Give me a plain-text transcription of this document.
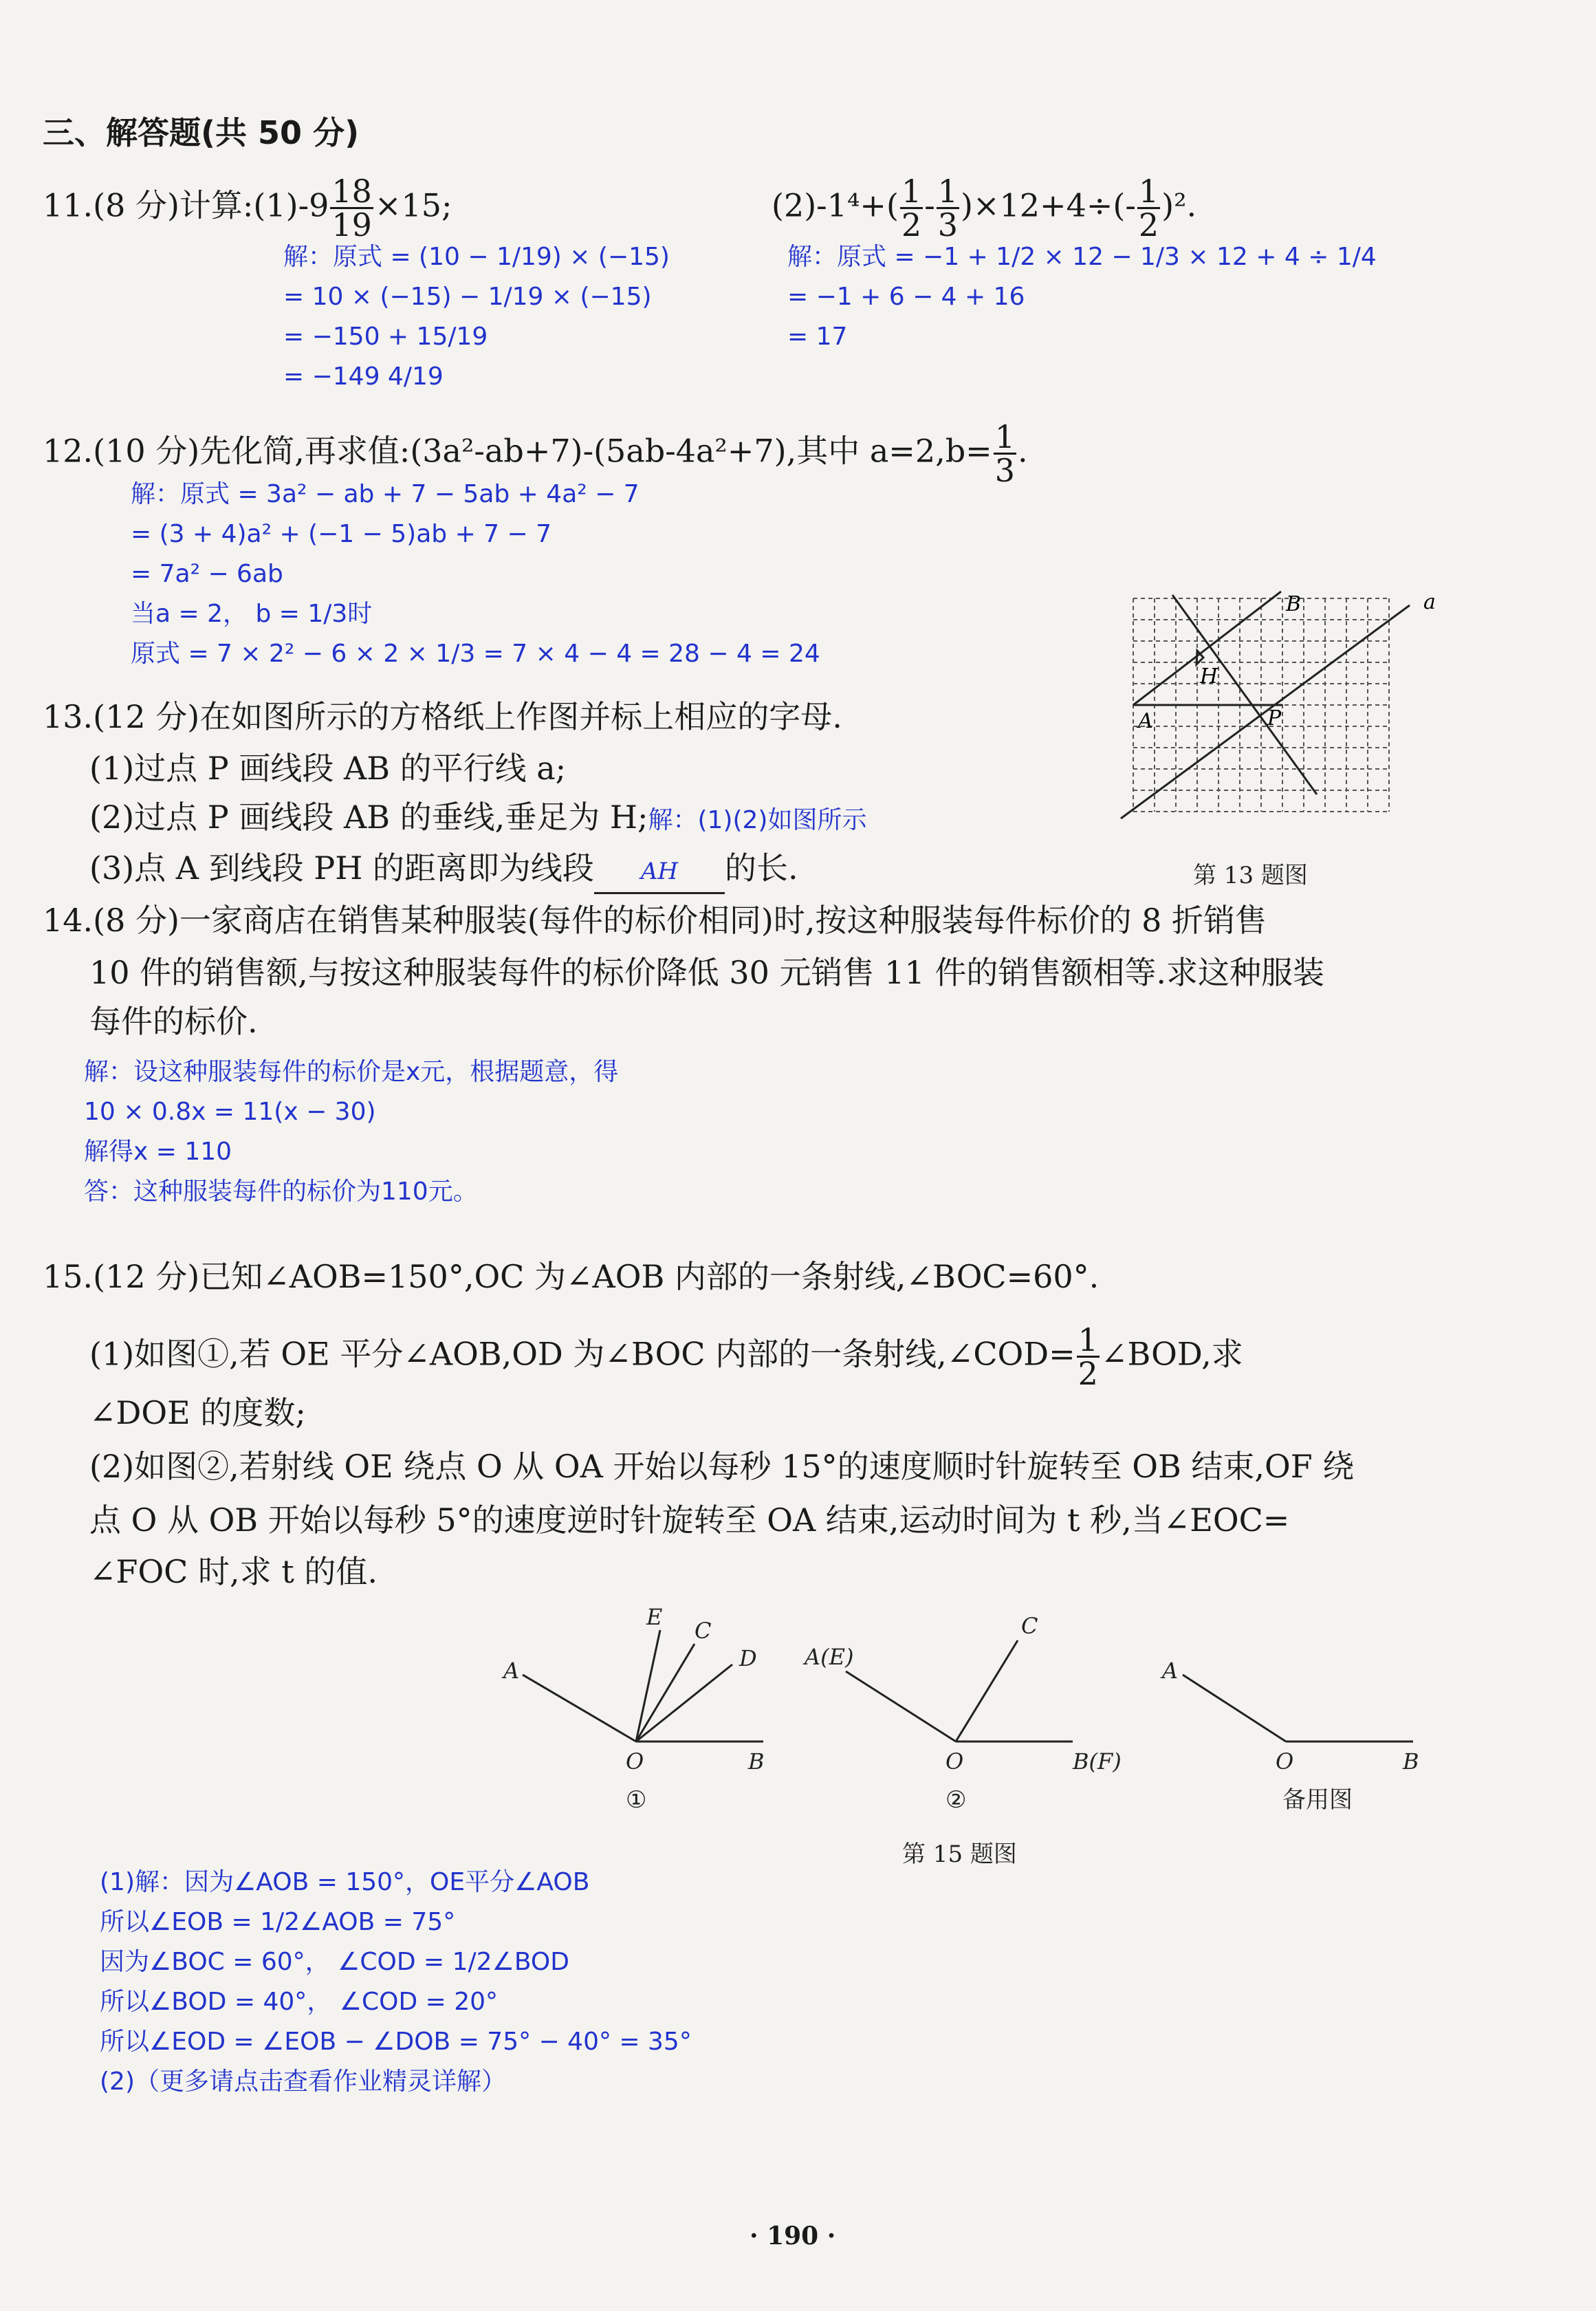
三、解答题(共 50 分)
11.(8 分)计算:(1)-9 $\frac{18}{19} \times 15$;	$(2)-1^4+( \frac{1}{2} - \frac{1}{3} )\times 12+4\div(- \frac{1}{2} )^2$.
解：原式 = (10 − 1/19) × (−15)
= 10 × (−15) − 1/19 × (−15)
= −150 + 15/19
= −149 4/19
解：原式 = −1 + 1/2 × 12 − 1/3 × 12 + 4 ÷ 1/4
= −1 + 6 − 4 + 16
= 17
12.(10 分)先化简,再求值:(3a²-ab+7)-(5ab-4a²+7),其中 $a=2,b= \frac{1}{3}$ .
解：原式 = 3a² − ab + 7 − 5ab + 4a² − 7
= (3 + 4)a² + (−1 − 5)ab + 7 − 7
= 7a² − 6ab
当a = 2， b = 1/3时
原式 = 7 × 2² − 6 × 2 × 1/3 = 7 × 4 − 4 = 28 − 4 = 24
A
B
H
P
a
第 13 题图
13.(12 分)在如图所示的方格纸上作图并标上相应的字母.
(1)过点 P 画线段 AB 的平行线 a;
(2)过点 P 画线段 AB 的垂线,垂足为 H;解：(1)(2)如图所示
(3)点 A 到线段 PH 的距离即为线段 AH 的长.
14.(8 分)一家商店在销售某种服装(每件的标价相同)时,按这种服装每件标价的 8 折销售
10 件的销售额,与按这种服装每件的标价降低 30 元销售 11 件的销售额相等.求这种服装
每件的标价.
解：设这种服装每件的标价是x元，根据题意，得
10 × 0.8x = 11(x − 30)
解得x = 110
答：这种服装每件的标价为110元。
15.(12 分)已知∠AOB=150°,OC 为∠AOB 内部的一条射线,∠BOC=60°.
(1)如图①,若 OE 平分∠AOB,OD 为∠BOC 内部的一条射线,∠COD= $\frac{1}{2}$ ∠BOD,求
∠DOE 的度数;
(2)如图②,若射线 OE 绕点 O 从 OA 开始以每秒 15°的速度顺时针旋转至 OB 结束,OF 绕
点 O 从 OB 开始以每秒 5°的速度逆时针旋转至 OA 结束,运动时间为 t 秒,当∠EOC=
∠FOC 时,求 t 的值.
A
E
C
D
O	B
A(E)
C
O	B(F)
A
O	B
①	②	备用图
第 15 题图
(1)解：因为∠AOB = 150°，OE平分∠AOB
所以∠EOB = 1/2∠AOB = 75°
因为∠BOC = 60°， ∠COD = 1/2∠BOD
所以∠BOD = 40°， ∠COD = 20°
所以∠EOD = ∠EOB − ∠DOB = 75° − 40° = 35°
(2)（更多请点击查看作业精灵详解）
· 190 ·
